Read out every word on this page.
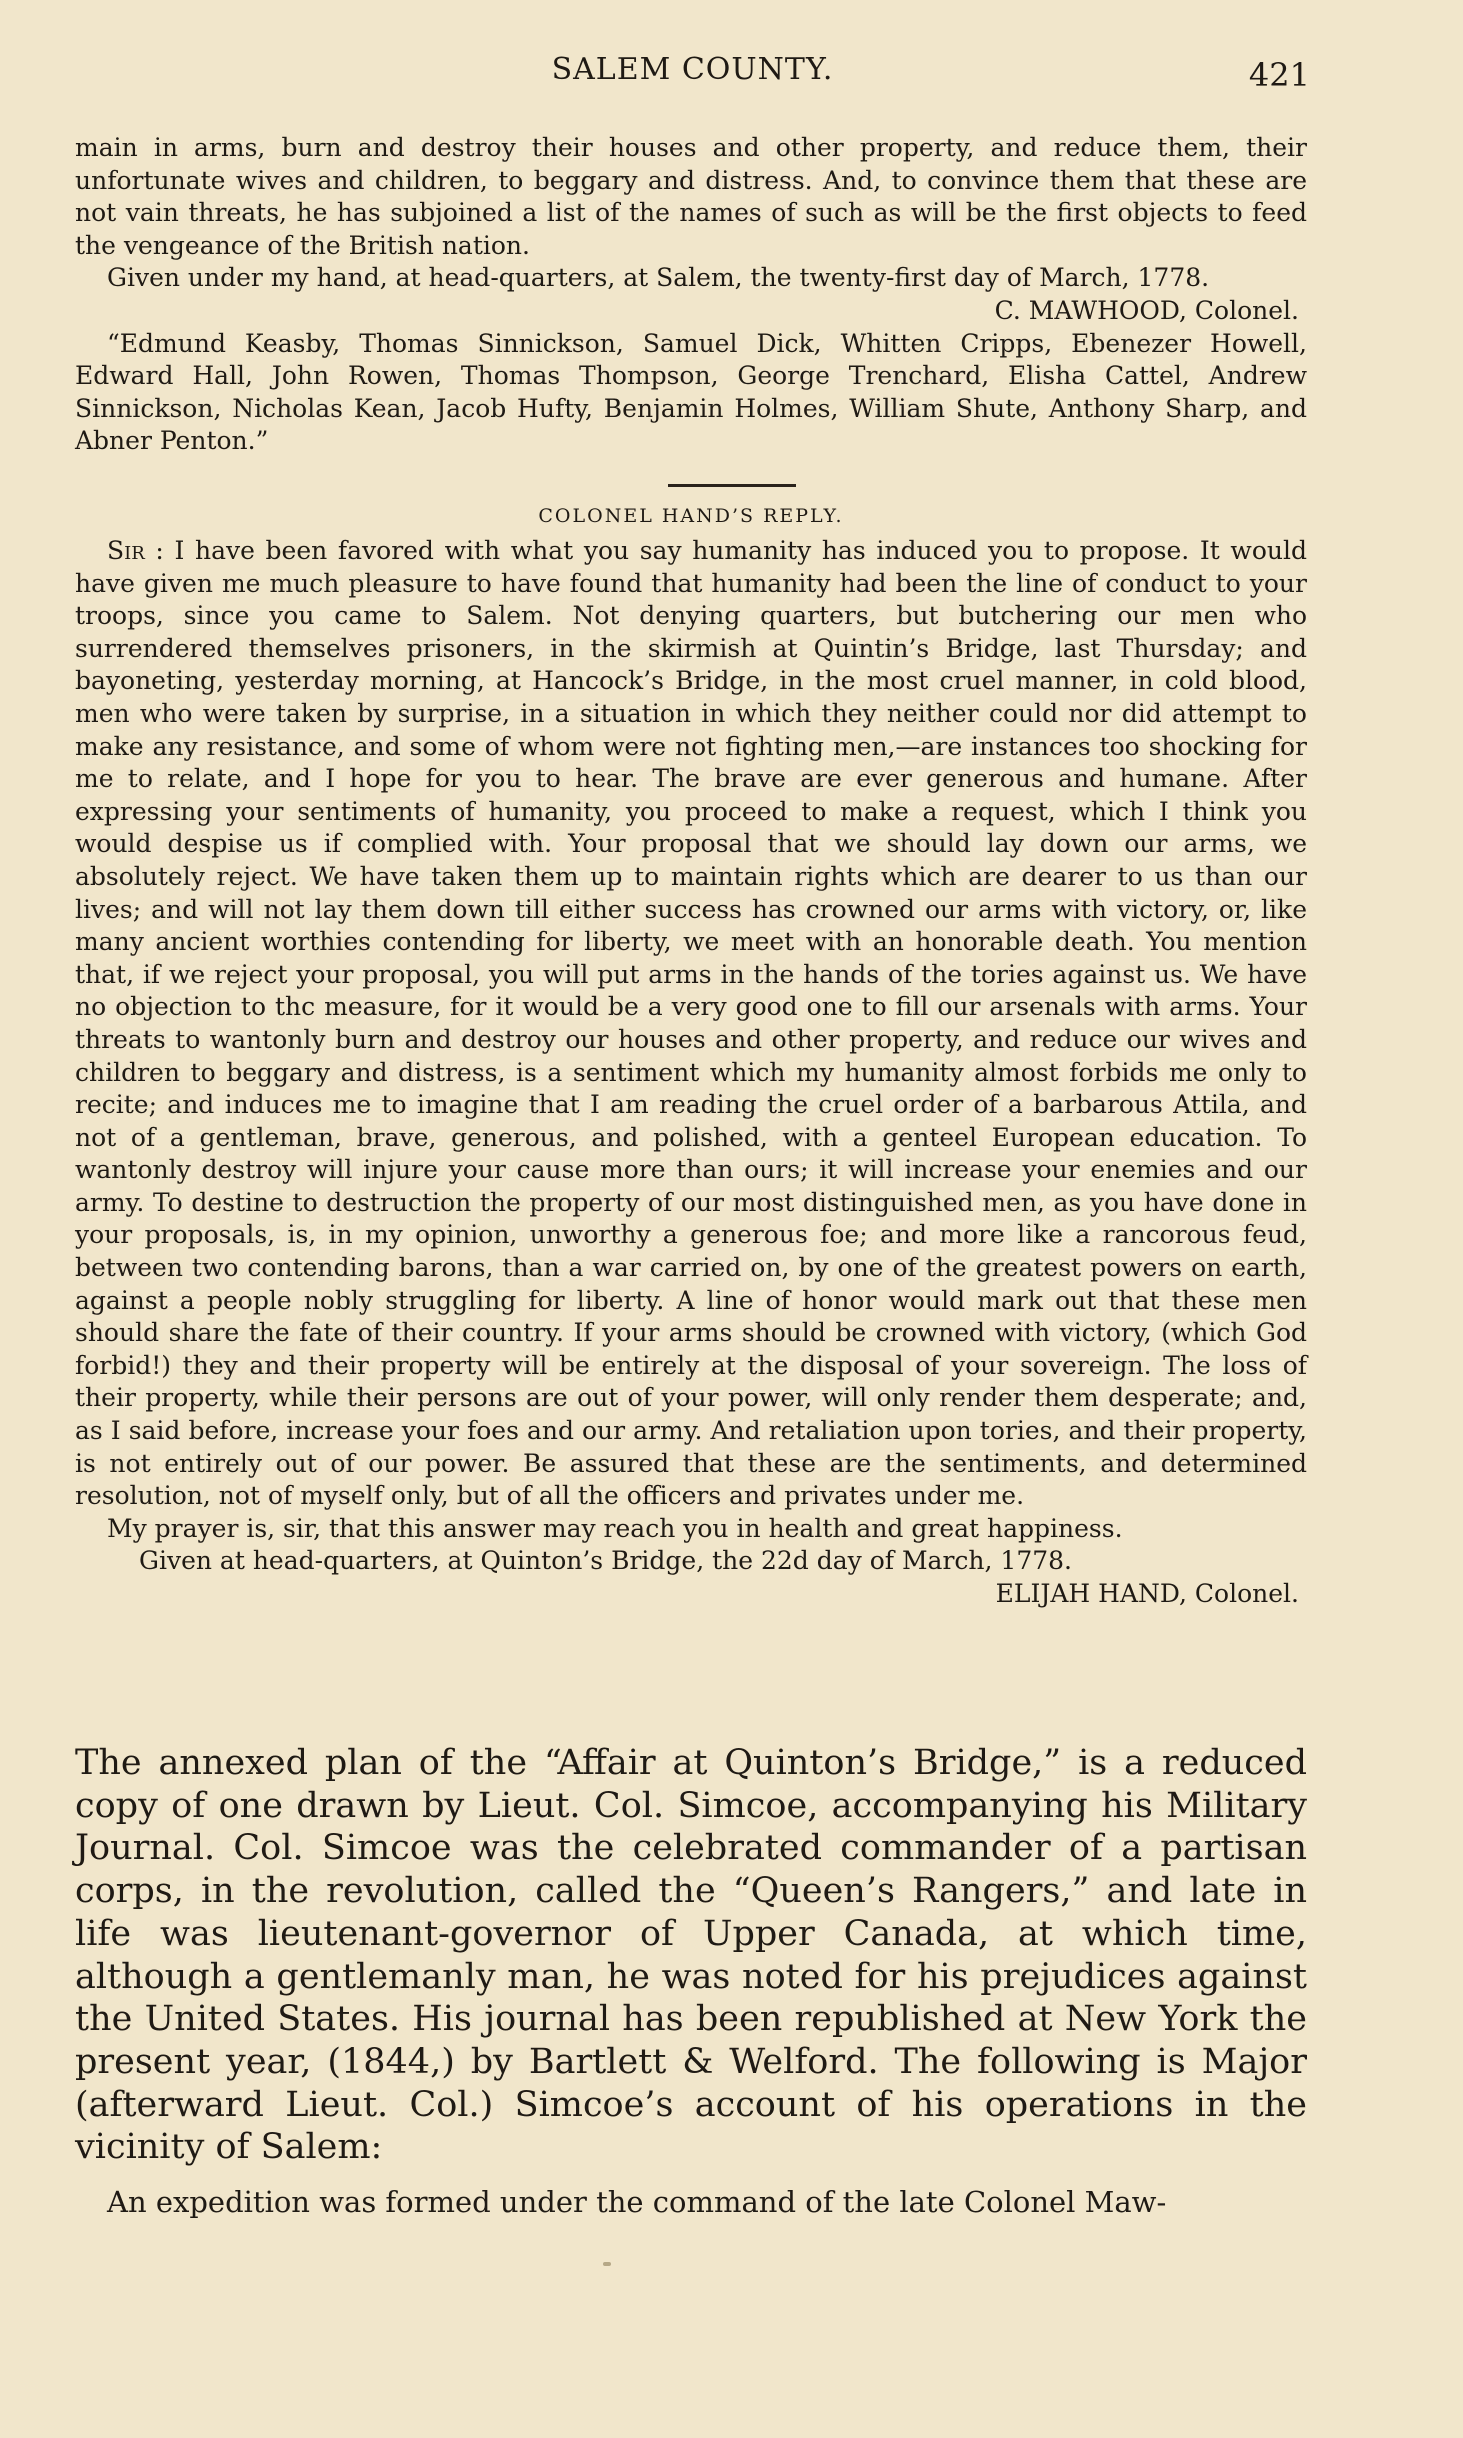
SALEM COUNTY.	421

main in arms, burn and destroy their houses and other property, and reduce them, their unfortunate wives and children, to beggary and distress. And, to convince them that these are not vain threats, he has subjoined a list of the names of such as will be the first objects to feed the vengeance of the British nation.

Given under my hand, at head-quarters, at Salem, the twenty-first day of March, 1778.

C. MAWHOOD, Colonel.

“Edmund Keasby, Thomas Sinnickson, Samuel Dick, Whitten Cripps, Ebenezer Howell, Edward Hall, John Rowen, Thomas Thompson, George Trenchard, Elisha Cattel, Andrew Sinnickson, Nicholas Kean, Jacob Hufty, Benjamin Holmes, William Shute, Anthony Sharp, and Abner Penton.”

COLONEL HAND’S REPLY.

Sir : I have been favored with what you say humanity has induced you to propose. It would have given me much pleasure to have found that humanity had been the line of conduct to your troops, since you came to Salem. Not denying quarters, but butchering our men who surrendered themselves prisoners, in the skirmish at Quintin’s Bridge, last Thursday; and bayoneting, yesterday morning, at Hancock’s Bridge, in the most cruel manner, in cold blood, men who were taken by surprise, in a situation in which they neither could nor did attempt to make any resistance, and some of whom were not fighting men,—are instances too shocking for me to relate, and I hope for you to hear. The brave are ever generous and humane. After expressing your sentiments of humanity, you proceed to make a request, which I think you would despise us if complied with. Your proposal that we should lay down our arms, we absolutely reject. We have taken them up to maintain rights which are dearer to us than our lives; and will not lay them down till either success has crowned our arms with victory, or, like many ancient worthies contending for liberty, we meet with an honorable death. You mention that, if we reject your proposal, you will put arms in the hands of the tories against us. We have no objection to thc measure, for it would be a very good one to fill our arsenals with arms. Your threats to wantonly burn and destroy our houses and other property, and reduce our wives and children to beggary and distress, is a sentiment which my humanity almost forbids me only to recite; and induces me to imagine that I am reading the cruel order of a barbarous Attila, and not of a gentleman, brave, generous, and polished, with a genteel European education. To wantonly destroy will injure your cause more than ours; it will increase your enemies and our army. To destine to destruction the property of our most distinguished men, as you have done in your proposals, is, in my opinion, unworthy a generous foe; and more like a rancorous feud, between two contending barons, than a war carried on, by one of the greatest powers on earth, against a people nobly struggling for liberty. A line of honor would mark out that these men should share the fate of their country. If your arms should be crowned with victory, (which God forbid!) they and their property will be entirely at the disposal of your sovereign. The loss of their property, while their persons are out of your power, will only render them desperate; and, as I said before, increase your foes and our army. And retaliation upon tories, and their property, is not entirely out of our power. Be assured that these are the sentiments, and determined resolution, not of myself only, but of all the officers and privates under me.

My prayer is, sir, that this answer may reach you in health and great happiness.

Given at head-quarters, at Quinton’s Bridge, the 22d day of March, 1778.

ELIJAH HAND, Colonel.

The annexed plan of the “Affair at Quinton’s Bridge,” is a reduced copy of one drawn by Lieut. Col. Simcoe, accompanying his Military Journal. Col. Simcoe was the celebrated commander of a partisan corps, in the revolution, called the “Queen’s Rangers,” and late in life was lieutenant-governor of Upper Canada, at which time, although a gentlemanly man, he was noted for his prejudices against the United States. His journal has been republished at New York the present year, (1844,) by Bartlett & Welford. The following is Major (afterward Lieut. Col.) Simcoe’s account of his operations in the vicinity of Salem:
An expedition was formed under the command of the late Colonel Maw-
